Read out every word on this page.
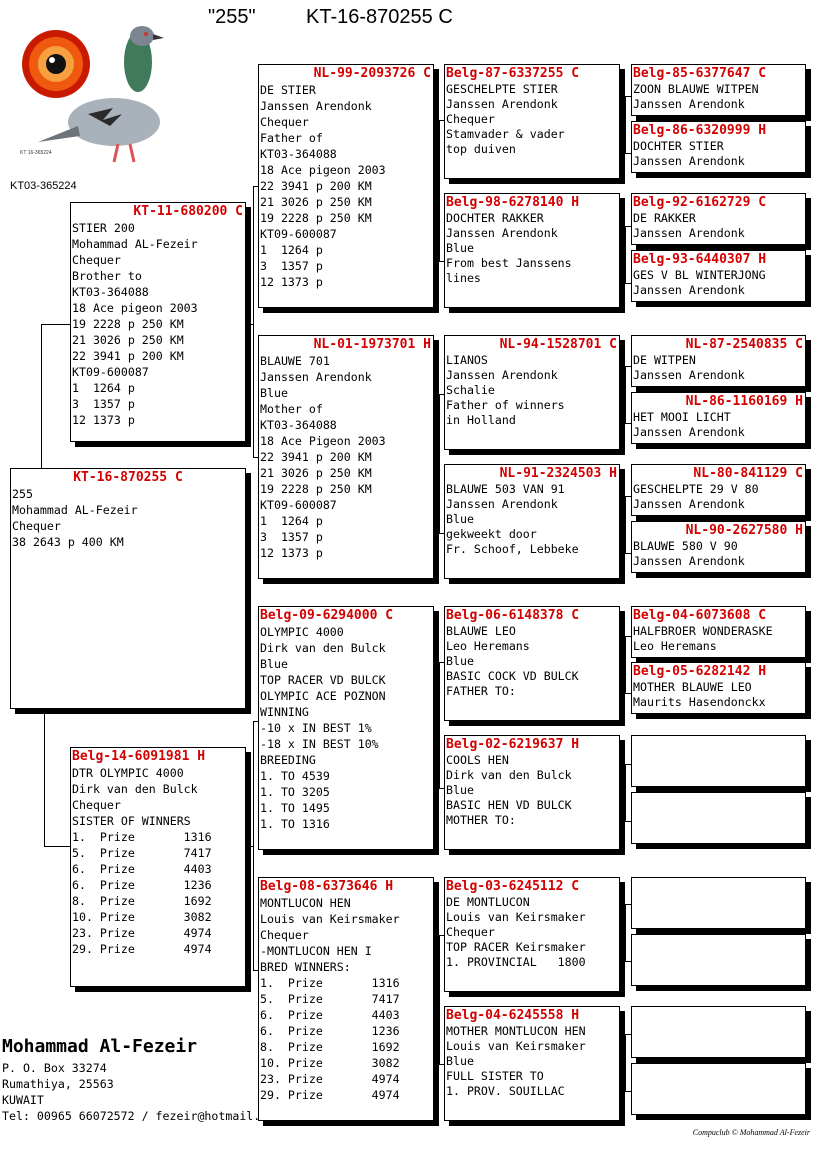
"255"	KT-16-870255 C
KT 16-365224
KT03-365224
KT-16-870255 C
255
Mohammad AL-Fezeir
Chequer
38 2643 p 400 KM
KT-11-680200 C
STIER 200
Mohammad AL-Fezeir
Chequer
Brother to
KT03-364088
18 Ace pigeon 2003
19 2228 p 250 KM
21 3026 p 250 KM
22 3941 p 200 KM
KT09-600087
1  1264 p
3  1357 p
12 1373 p
Belg-14-6091981 H
DTR OLYMPIC 4000
Dirk van den Bulck
Chequer
SISTER OF WINNERS
1.  Prize       1316
5.  Prize       7417
6.  Prize       4403
6.  Prize       1236
8.  Prize       1692
10. Prize       3082
23. Prize       4974
29. Prize       4974
NL-99-2093726 C
DE STIER
Janssen Arendonk
Chequer
Father of
KT03-364088
18 Ace pigeon 2003
22 3941 p 200 KM
21 3026 p 250 KM
19 2228 p 250 KM
KT09-600087
1  1264 p
3  1357 p
12 1373 p
NL-01-1973701 H
BLAUWE 701
Janssen Arendonk
Blue
Mother of
KT03-364088
18 Ace Pigeon 2003
22 3941 p 200 KM
21 3026 p 250 KM
19 2228 p 250 KM
KT09-600087
1  1264 p
3  1357 p
12 1373 p
Belg-09-6294000 C
OLYMPIC 4000
Dirk van den Bulck
Blue
TOP RACER VD BULCK
OLYMPIC ACE POZNON
WINNING
-10 x IN BEST 1%
-18 x IN BEST 10%
BREEDING
1. TO 4539
1. TO 3205
1. TO 1495
1. TO 1316
Belg-08-6373646 H
MONTLUCON HEN
Louis van Keirsmaker
Chequer
-MONTLUCON HEN I
BRED WINNERS:
1.  Prize       1316
5.  Prize       7417
6.  Prize       4403
6.  Prize       1236
8.  Prize       1692
10. Prize       3082
23. Prize       4974
29. Prize       4974
Belg-87-6337255 C
GESCHELPTE STIER
Janssen Arendonk
Chequer
Stamvader & vader
top duiven
Belg-98-6278140 H
DOCHTER RAKKER
Janssen Arendonk
Blue
From best Janssens
lines
NL-94-1528701 C
LIANOS
Janssen Arendonk
Schalie
Father of winners
in Holland
NL-91-2324503 H
BLAUWE 503 VAN 91
Janssen Arendonk
Blue
gekweekt door
Fr. Schoof, Lebbeke
Belg-06-6148378 C
BLAUWE LEO
Leo Heremans
Blue
BASIC COCK VD BULCK
FATHER TO:
Belg-02-6219637 H
COOLS HEN
Dirk van den Bulck
Blue
BASIC HEN VD BULCK
MOTHER TO:
Belg-03-6245112 C
DE MONTLUCON
Louis van Keirsmaker
Chequer
TOP RACER Keirsmaker
1. PROVINCIAL   1800
Belg-04-6245558 H
MOTHER MONTLUCON HEN
Louis van Keirsmaker
Blue
FULL SISTER TO
1. PROV. SOUILLAC
Belg-85-6377647 C
ZOON BLAUWE WITPEN
Janssen Arendonk
Belg-86-6320999 H
DOCHTER STIER
Janssen Arendonk
Belg-92-6162729 C
DE RAKKER
Janssen Arendonk
Belg-93-6440307 H
GES V BL WINTERJONG
Janssen Arendonk
NL-87-2540835 C
DE WITPEN
Janssen Arendonk
NL-86-1160169 H
HET MOOI LICHT
Janssen Arendonk
NL-80-841129 C
GESCHELPTE 29 V 80
Janssen Arendonk
NL-90-2627580 H
BLAUWE 580 V 90
Janssen Arendonk
Belg-04-6073608 C
HALFBROER WONDERASKE
Leo Heremans
Belg-05-6282142 H
MOTHER BLAUWE LEO
Maurits Hasendonckx
Mohammad Al-Fezeir
P. O. Box 33274
Rumathiya, 25563
KUWAIT
Tel: 00965 66072572 / fezeir@hotmail.
Compuclub © Mohammad Al-Fezeir
